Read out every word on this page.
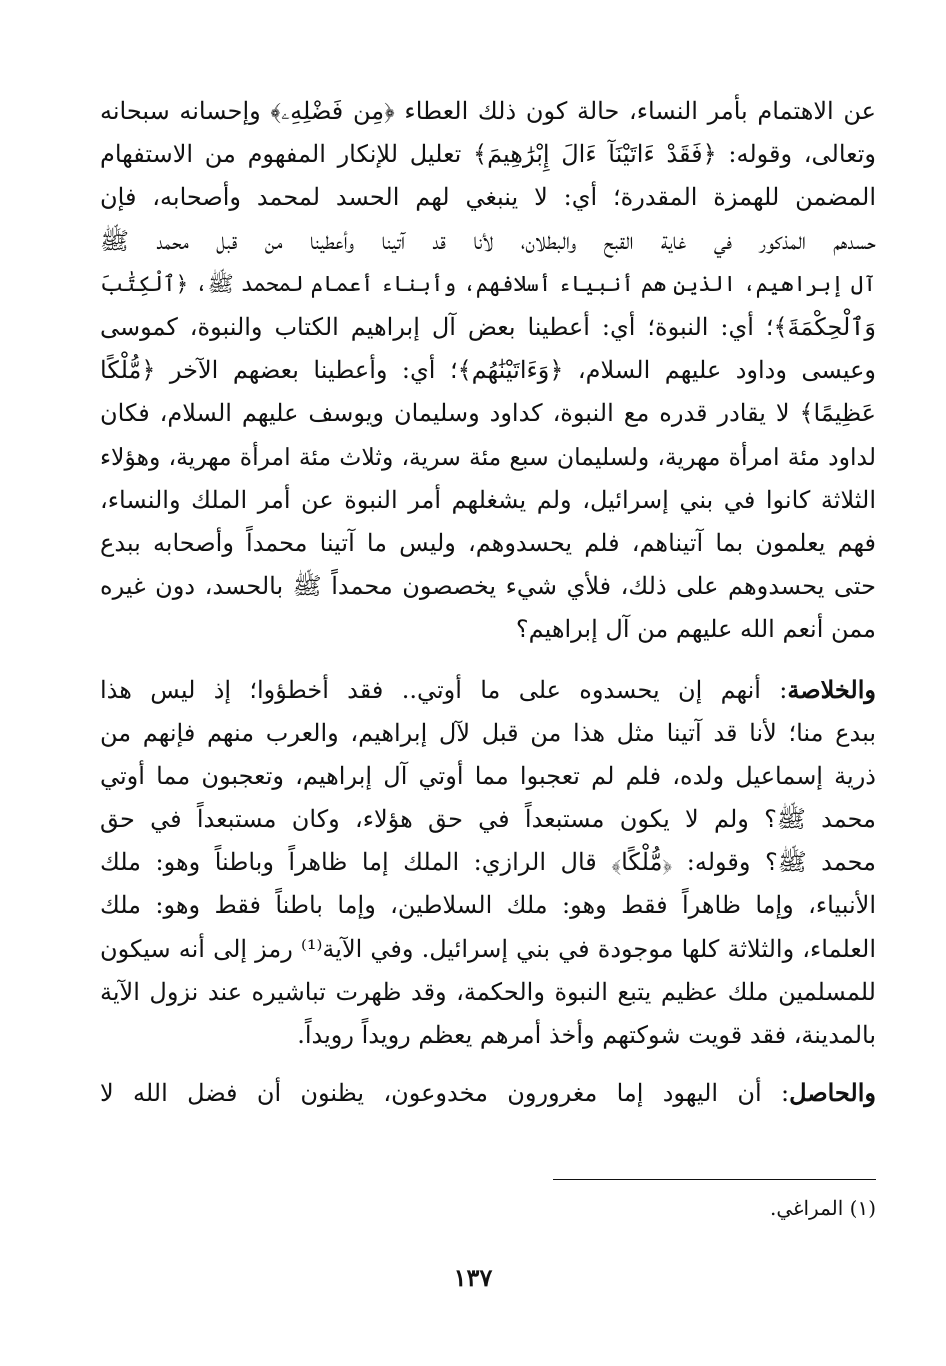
عن الاهتمام بأمر النساء، حالة كون ذلك العطاء ﴿مِن فَضْلِهِۦ﴾ وإحسانه سبحانه
وتعالى، وقوله: ﴿فَقَدْ ءَاتَيْنَآ ءَالَ إِبْرَٰهِيمَ﴾ تعليل للإنكار المفهوم من الاستفهام
المضمن للهمزة المقدرة؛ أي: لا ينبغي لهم الحسد لمحمد وأصحابه، فإن
حسدهم المذكور في غاية القبح والبطلان، لأنا قد آتينا وأعطينا من قبل محمد ﷺ
آل إبراهيم، الذين هم أنبياء أسلافهم، وأبناء أعمام لمحمد ﷺ، ﴿ٱلْكِتَٰبَ
وَٱلْحِكْمَةَ﴾؛ أي: النبوة؛ أي: أعطينا بعض آل إبراهيم الكتاب والنبوة، كموسى
وعيسى وداود عليهم السلام، ﴿وَءَاتَيْنَٰهُم﴾؛ أي: وأعطينا بعضهم الآخر ﴿مُّلْكًا
عَظِيمًا﴾ لا يقادر قدره مع النبوة، كداود وسليمان ويوسف عليهم السلام، فكان
لداود مئة امرأة مهرية، ولسليمان سبع مئة سرية، وثلاث مئة امرأة مهرية، وهؤلاء
الثلاثة كانوا في بني إسرائيل، ولم يشغلهم أمر النبوة عن أمر الملك والنساء،
فهم يعلمون بما آتيناهم، فلم يحسدوهم، وليس ما آتينا محمداً وأصحابه ببدع
حتى يحسدوهم على ذلك، فلأي شيء يخصصون محمداً ﷺ بالحسد، دون غيره
ممن أنعم الله عليهم من آل إبراهيم؟
والخلاصة: أنهم إن يحسدوه على ما أوتي.. فقد أخطؤوا؛ إذ ليس هذا
ببدع منا؛ لأنا قد آتينا مثل هذا من قبل لآل إبراهيم، والعرب منهم فإنهم من
ذرية إسماعيل ولده، فلم لم تعجبوا مما أوتي آل إبراهيم، وتعجبون مما أوتي
محمد ﷺ؟ ولم لا يكون مستبعداً في حق هؤلاء، وكان مستبعداً في حق
محمد ﷺ؟ وقوله: ﴿مُّلْكًا﴾ قال الرازي: الملك إما ظاهراً وباطناً وهو: ملك
الأنبياء، وإما ظاهراً فقط وهو: ملك السلاطين، وإما باطناً فقط وهو: ملك
العلماء، والثلاثة كلها موجودة في بني إسرائيل. وفي الآية⁽¹⁾ رمز إلى أنه سيكون
للمسلمين ملك عظيم يتبع النبوة والحكمة، وقد ظهرت تباشيره عند نزول الآية
بالمدينة، فقد قويت شوكتهم وأخذ أمرهم يعظم رويداً رويداً.
والحاصل: أن اليهود إما مغرورون مخدوعون، يظنون أن فضل الله لا
(١) المراغي.
١٣٧
